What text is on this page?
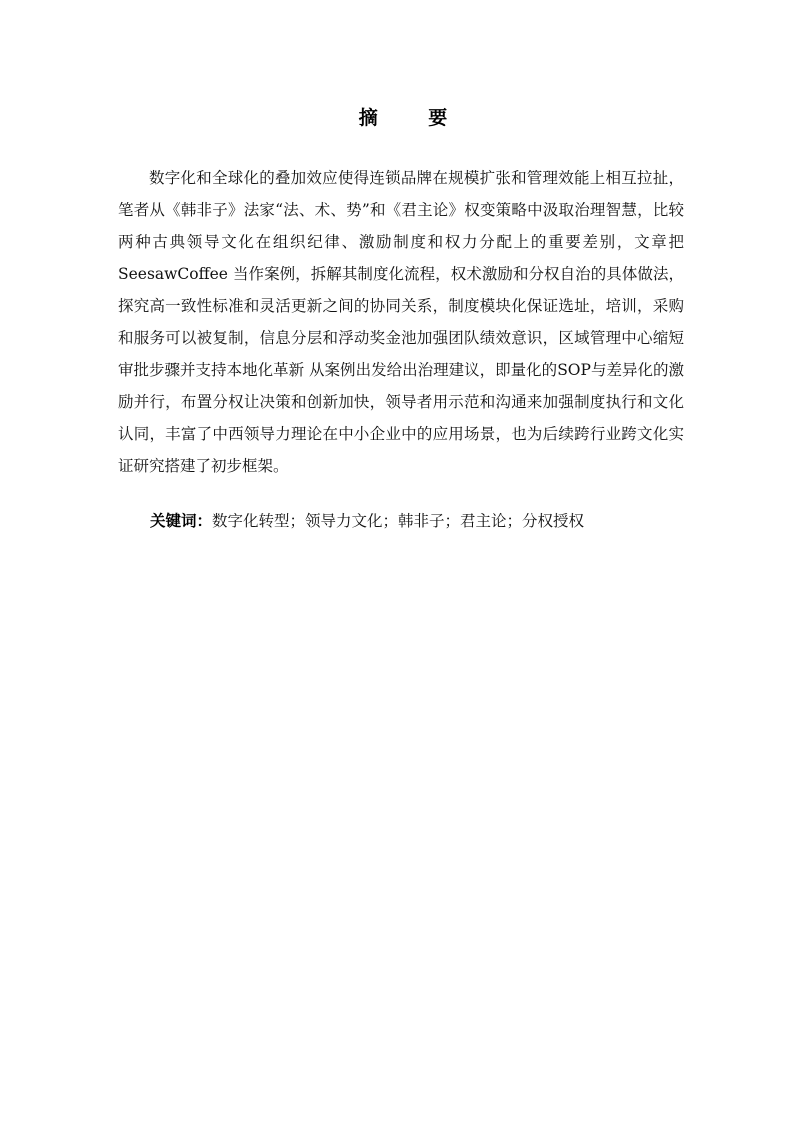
摘 要

数字化和全球化的叠加效应使得连锁品牌在规模扩张和管理效能上相互拉扯，笔者从《韩非子》法家“法、术、势”和《君主论》权变策略中汲取治理智慧，比较两种古典领导文化在组织纪律、激励制度和权力分配上的重要差别，文章把 SeesawCoffee 当作案例，拆解其制度化流程，权术激励和分权自治的具体做法，探究高一致性标准和灵活更新之间的协同关系，制度模块化保证选址，培训，采购和服务可以被复制，信息分层和浮动奖金池加强团队绩效意识，区域管理中心缩短审批步骤并支持本地化革新 从案例出发给出治理建议，即量化的SOP与差异化的激励并行，布置分权让决策和创新加快，领导者用示范和沟通来加强制度执行和文化认同，丰富了中西领导力理论在中小企业中的应用场景，也为后续跨行业跨文化实证研究搭建了初步框架。

关键词：数字化转型；领导力文化；韩非子；君主论；分权授权
